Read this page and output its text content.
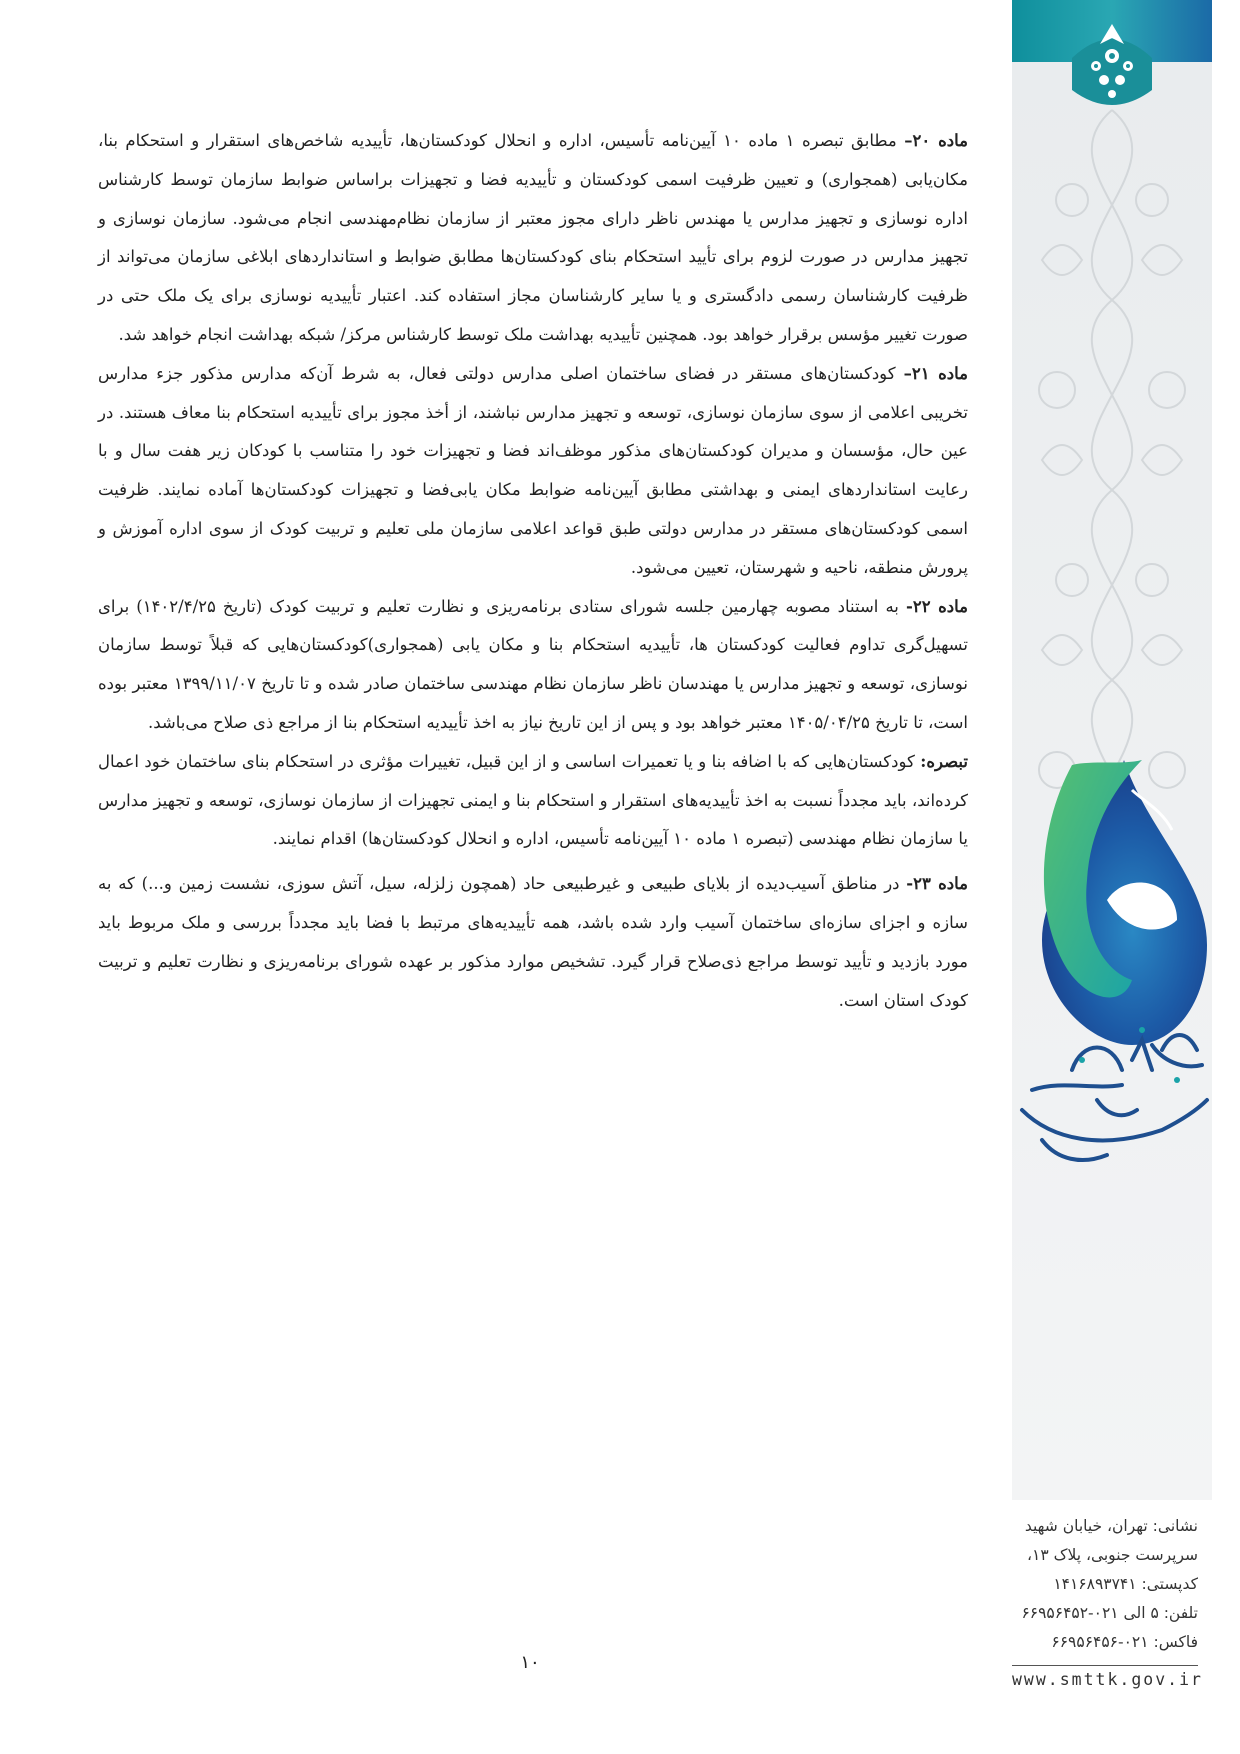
نشانی: تهران، خیابان شهید
سرپرست جنوبی، پلاک ۱۳،
کدپستی: ۱۴۱۶۸۹۳۷۴۱
تلفن: ۵ الی ۰۲۱-۶۶۹۵۶۴۵۲
فاکس: ۰۲۱-۶۶۹۵۶۴۵۶
www.smttk.gov.ir

ماده ۲۰– مطابق تبصره ۱ ماده ۱۰ آیین‌نامه تأسیس، اداره و انحلال کودکستان‌ها، تأییدیه شاخص‌های استقرار و استحکام بنا، مکان‌یابی (همجواری) و تعیین ظرفیت اسمی کودکستان و تأییدیه فضا و تجهیزات براساس ضوابط سازمان توسط کارشناس اداره نوسازی و تجهیز مدارس یا مهندس ناظر دارای مجوز معتبر از سازمان نظام‌مهندسی انجام می‌شود. سازمان نوسازی و تجهیز مدارس در صورت لزوم برای تأیید استحکام بنای کودکستان‌ها مطابق ضوابط و استانداردهای ابلاغی سازمان می‌تواند از ظرفیت کارشناسان رسمی دادگستری و یا سایر کارشناسان مجاز استفاده کند. اعتبار تأییدیه نوسازی برای یک ملک حتی در صورت تغییر مؤسس برقرار خواهد بود. همچنین تأییدیه بهداشت ملک توسط کارشناس مرکز/ شبکه بهداشت انجام خواهد شد.

ماده ۲۱– کودکستان‌های مستقر در فضای ساختمان اصلی مدارس دولتی فعال، به شرط آن‌که مدارس مذکور جزء مدارس تخریبی اعلامی از سوی سازمان نوسازی، توسعه و تجهیز مدارس نباشند، از أخذ مجوز برای تأییدیه استحکام بنا معاف هستند. در عین حال، مؤسسان و مدیران کودکستان‌های مذکور موظف‌اند فضا و تجهیزات خود را متناسب با کودکان زیر هفت سال و با رعایت استانداردهای ایمنی و بهداشتی مطابق آیین‌نامه ضوابط مکان یابی‌فضا و تجهیزات کودکستان‌ها آماده نمایند. ظرفیت اسمی کودکستان‌های مستقر در مدارس دولتی طبق قواعد اعلامی سازمان ملی تعلیم و تربیت کودک از سوی اداره آموزش و پرورش منطقه، ناحیه و شهرستان، تعیین می‌شود.

ماده ۲۲- به استناد مصوبه چهارمین جلسه شورای ستادی برنامه‌ریزی و نظارت تعلیم و تربیت کودک (تاریخ ۱۴۰۲/۴/۲۵) برای تسهیل‌گری تداوم فعالیت کودکستان ها، تأییدیه استحکام بنا و مکان یابی (همجواری)کودکستان‌هایی که قبلاً توسط سازمان نوسازی، توسعه و تجهیز مدارس یا مهندسان ناظر سازمان نظام مهندسی ساختمان صادر شده و تا تاریخ ۱۳۹۹/۱۱/۰۷ معتبر بوده است، تا تاریخ ۱۴۰۵/۰۴/۲۵ معتبر خواهد بود و پس از این تاریخ نیاز به اخذ تأییدیه استحکام بنا از مراجع ذی صلاح می‌باشد.

تبصره: کودکستان‌هایی که با اضافه بنا و یا تعمیرات اساسی و از این قبیل، تغییرات مؤثری در استحکام بنای ساختمان خود اعمال کرده‌اند، باید مجدداً نسبت به اخذ تأییدیه‌های استقرار و استحکام بنا و ایمنی تجهیزات از سازمان نوسازی، توسعه و تجهیز مدارس یا سازمان نظام مهندسی (تبصره ۱ ماده ۱۰ آیین‌نامه تأسیس، اداره و انحلال کودکستان‌ها) اقدام نمایند.

ماده ۲۳- در مناطق آسیب‌دیده از بلایای طبیعی و غیرطبیعی حاد (همچون زلزله، سیل، آتش سوزی، نشست زمین و...) که به سازه و اجزای سازه‌ای ساختمان آسیب وارد شده باشد، همه تأییدیه‌های مرتبط با فضا باید مجدداً بررسی و ملک مربوط باید مورد بازدید و تأیید توسط مراجع ذی‌صلاح قرار گیرد. تشخیص موارد مذکور بر عهده شورای برنامه‌ریزی و نظارت تعلیم و تربیت کودک استان است.

۱۰
